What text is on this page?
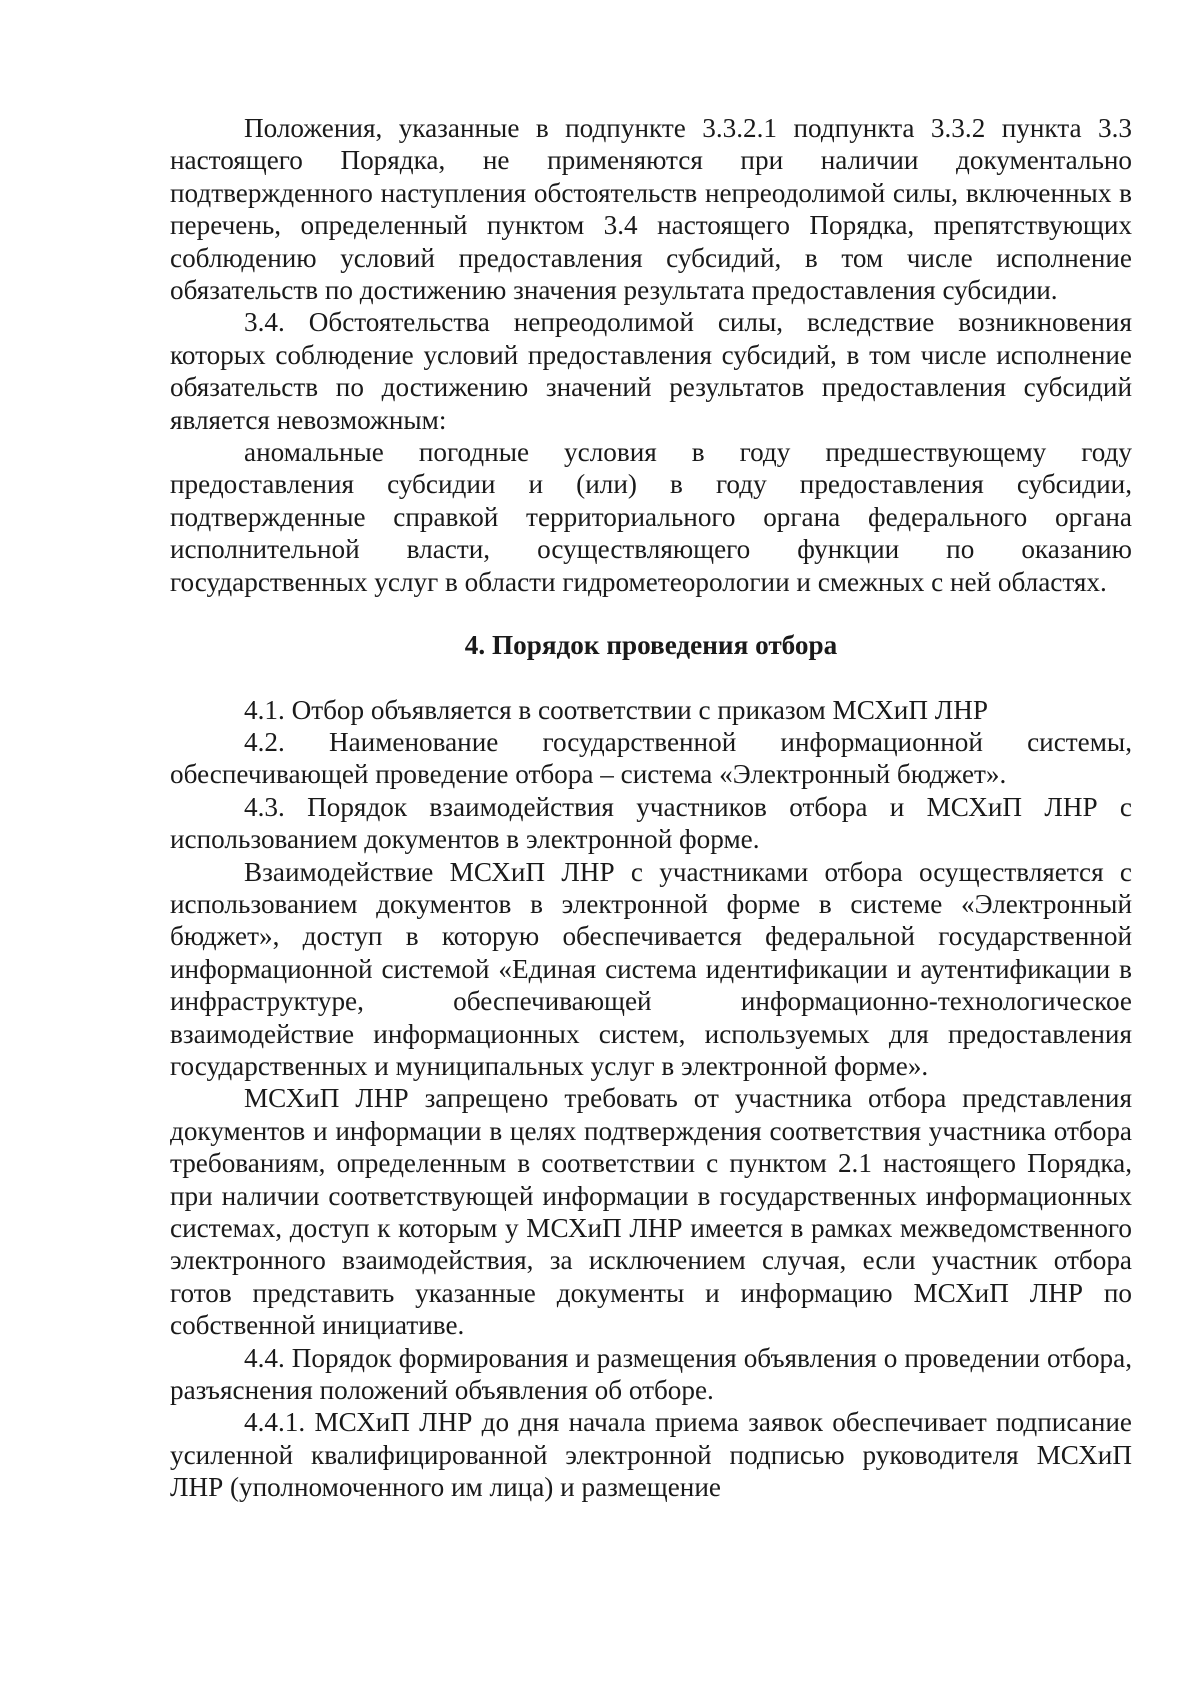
Положения, указанные в подпункте 3.3.2.1 подпункта 3.3.2 пункта 3.3 настоящего Порядка, не применяются при наличии документально подтвержденного наступления обстоятельств непреодолимой силы, включенных в перечень, определенный пунктом 3.4 настоящего Порядка, препятствующих соблюдению условий предоставления субсидий, в том числе исполнение обязательств по достижению значения результата предоставления субсидии.

3.4. Обстоятельства непреодолимой силы, вследствие возникновения которых соблюдение условий предоставления субсидий, в том числе исполнение обязательств по достижению значений результатов предоставления субсидий является невозможным:

аномальные погодные условия в году предшествующему году предоставления субсидии и (или) в году предоставления субсидии, подтвержденные справкой территориального органа федерального органа исполнительной власти, осуществляющего функции по оказанию государственных услуг в области гидрометеорологии и смежных с ней областях.

4. Порядок проведения отбора

4.1. Отбор объявляется в соответствии с приказом МСХиП ЛНР

4.2. Наименование государственной информационной системы, обеспечивающей проведение отбора – система «Электронный бюджет».

4.3. Порядок взаимодействия участников отбора и МСХиП ЛНР с использованием документов в электронной форме.

Взаимодействие МСХиП ЛНР с участниками отбора осуществляется с использованием документов в электронной форме в системе «Электронный бюджет», доступ в которую обеспечивается федеральной государственной информационной системой «Единая система идентификации и аутентификации в инфраструктуре, обеспечивающей информационно-технологическое взаимодействие информационных систем, используемых для предоставления государственных и муниципальных услуг в электронной форме».

МСХиП ЛНР запрещено требовать от участника отбора представления документов и информации в целях подтверждения соответствия участника отбора требованиям, определенным в соответствии с пунктом 2.1 настоящего Порядка, при наличии соответствующей информации в государственных информационных системах, доступ к которым у МСХиП ЛНР имеется в рамках межведомственного электронного взаимодействия, за исключением случая, если участник отбора готов представить указанные документы и информацию МСХиП ЛНР по собственной инициативе.

4.4. Порядок формирования и размещения объявления о проведении отбора, разъяснения положений объявления об отборе.

4.4.1. МСХиП ЛНР до дня начала приема заявок обеспечивает подписание усиленной квалифицированной электронной подписью руководителя МСХиП ЛНР (уполномоченного им лица) и размещение
